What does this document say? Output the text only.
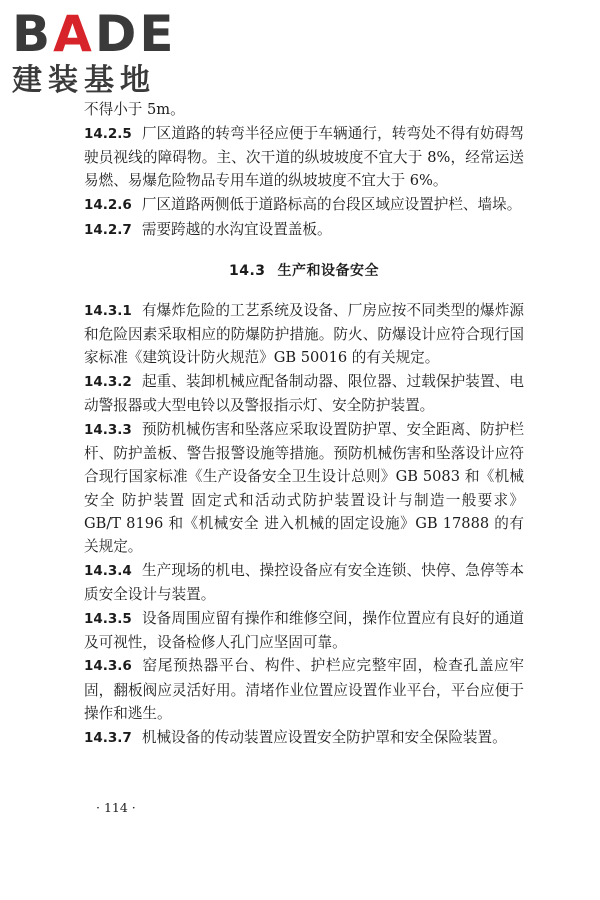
BADE
建装基地

不得小于 5m。

14.2.5 厂区道路的转弯半径应便于车辆通行，转弯处不得有妨碍驾驶员视线的障碍物。主、次干道的纵坡坡度不宜大于 8%，经常运送易燃、易爆危险物品专用车道的纵坡坡度不宜大于 6%。

14.2.6 厂区道路两侧低于道路标高的台段区域应设置护栏、墙垛。

14.2.7 需要跨越的水沟宜设置盖板。

14.3 生产和设备安全

14.3.1 有爆炸危险的工艺系统及设备、厂房应按不同类型的爆炸源和危险因素采取相应的防爆防护措施。防火、防爆设计应符合现行国家标准《建筑设计防火规范》GB 50016 的有关规定。

14.3.2 起重、装卸机械应配备制动器、限位器、过载保护装置、电动警报器或大型电铃以及警报指示灯、安全防护装置。

14.3.3 预防机械伤害和坠落应采取设置防护罩、安全距离、防护栏杆、防护盖板、警告报警设施等措施。预防机械伤害和坠落设计应符合现行国家标准《生产设备安全卫生设计总则》GB 5083 和《机械安全 防护装置 固定式和活动式防护装置设计与制造一般要求》GB/T 8196 和《机械安全 进入机械的固定设施》GB 17888 的有关规定。

14.3.4 生产现场的机电、操控设备应有安全连锁、快停、急停等本质安全设计与装置。

14.3.5 设备周围应留有操作和维修空间，操作位置应有良好的通道及可视性，设备检修人孔门应坚固可靠。

14.3.6 窑尾预热器平台、构件、护栏应完整牢固，检查孔盖应牢固，翻板阀应灵活好用。清堵作业位置应设置作业平台，平台应便于操作和逃生。

14.3.7 机械设备的传动装置应设置安全防护罩和安全保险装置。

· 114 ·
